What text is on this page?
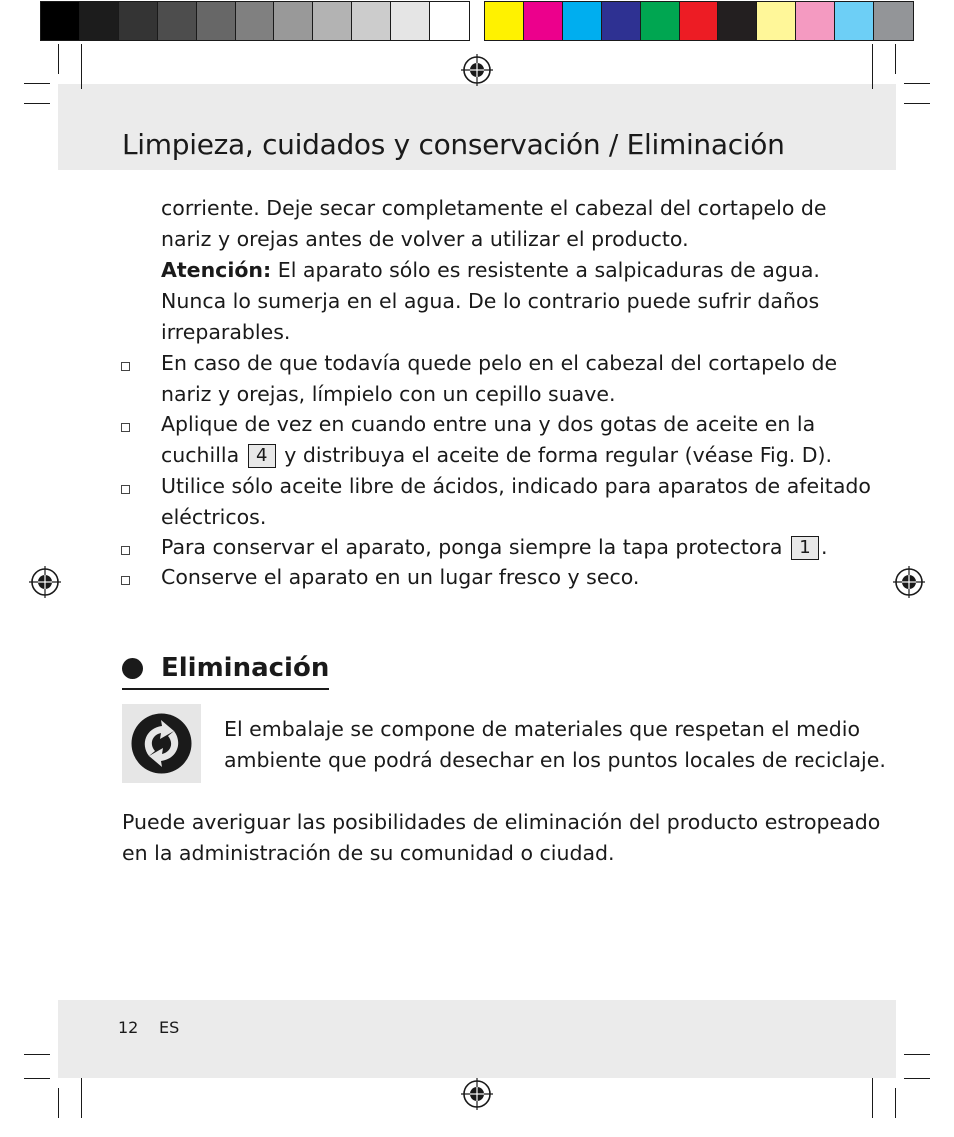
Limpieza, cuidados y conservación / Eliminación
corriente. Deje secar completamente el cabezal del cortapelo de
nariz y orejas antes de volver a utilizar el producto.
Atención: El aparato sólo es resistente a salpicaduras de agua.
Nunca lo sumerja en el agua. De lo contrario puede sufrir daños
irreparables.
En caso de que todavía quede pelo en el cabezal del cortapelo de
nariz y orejas, límpielo con un cepillo suave.
Aplique de vez en cuando entre una y dos gotas de aceite en la
cuchilla 4 y distribuya el aceite de forma regular (véase Fig. D).
Utilice sólo aceite libre de ácidos, indicado para aparatos de afeitado
eléctricos.
Para conservar el aparato, ponga siempre la tapa protectora 1 .
Conserve el aparato en un lugar fresco y seco.
Eliminación
El embalaje se compone de materiales que respetan el medio
ambiente que podrá desechar en los puntos locales de reciclaje.
Puede averiguar las posibilidades de eliminación del producto estropeado
en la administración de su comunidad o ciudad.
12 ES
